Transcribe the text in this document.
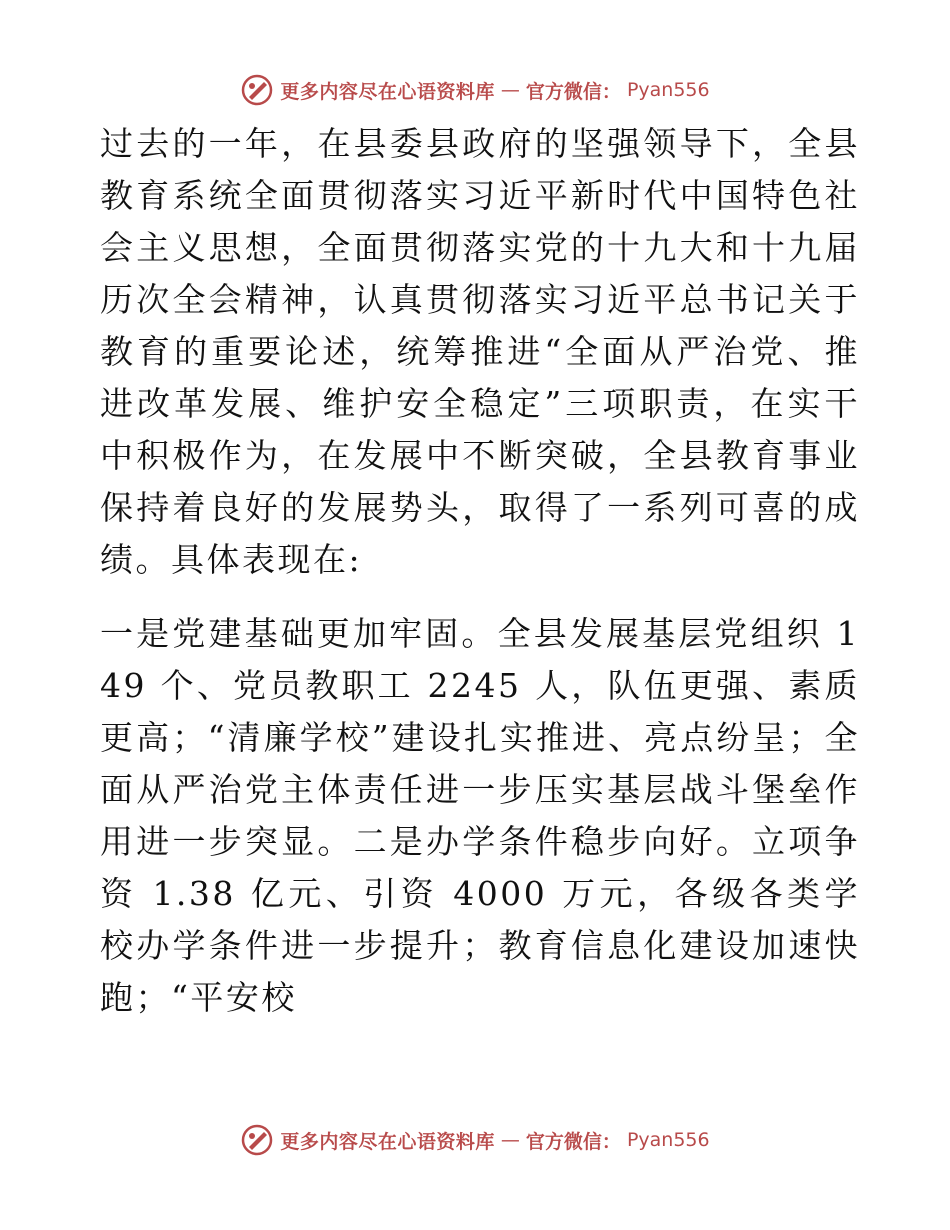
更多内容尽在心语资料库 — 官方微信： Pyan556

过去的一年，在县委县政府的坚强领导下，全县教育系统全面贯彻落实习近平新时代中国特色社会主义思想，全面贯彻落实党的十九大和十九届历次全会精神，认真贯彻落实习近平总书记关于教育的重要论述，统筹推进“全面从严治党、推进改革发展、维护安全稳定”三项职责，在实干中积极作为，在发展中不断突破，全县教育事业保持着良好的发展势头，取得了一系列可喜的成绩。具体表现在:

一是党建基础更加牢固。全县发展基层党组织 149 个、党员教职工 2245 人，队伍更强、素质更高；“清廉学校”建设扎实推进、亮点纷呈；全面从严治党主体责任进一步压实基层战斗堡垒作用进一步突显。二是办学条件稳步向好。立项争资 1.38 亿元、引资 4000 万元，各级各类学校办学条件进一步提升；教育信息化建设加速快跑；“平安校

更多内容尽在心语资料库 — 官方微信： Pyan556
